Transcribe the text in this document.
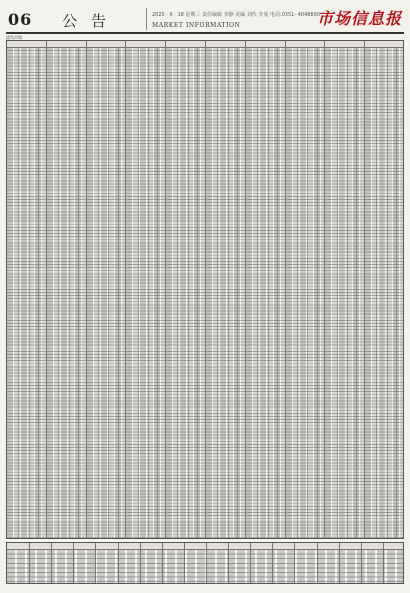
06 公告	2025 · 6 · 18 星期三 责任编辑 李静 美编 刘代 李曼 电话:0351- 4048890
MARKET INFORMATION	市场信息报
遗失声明
